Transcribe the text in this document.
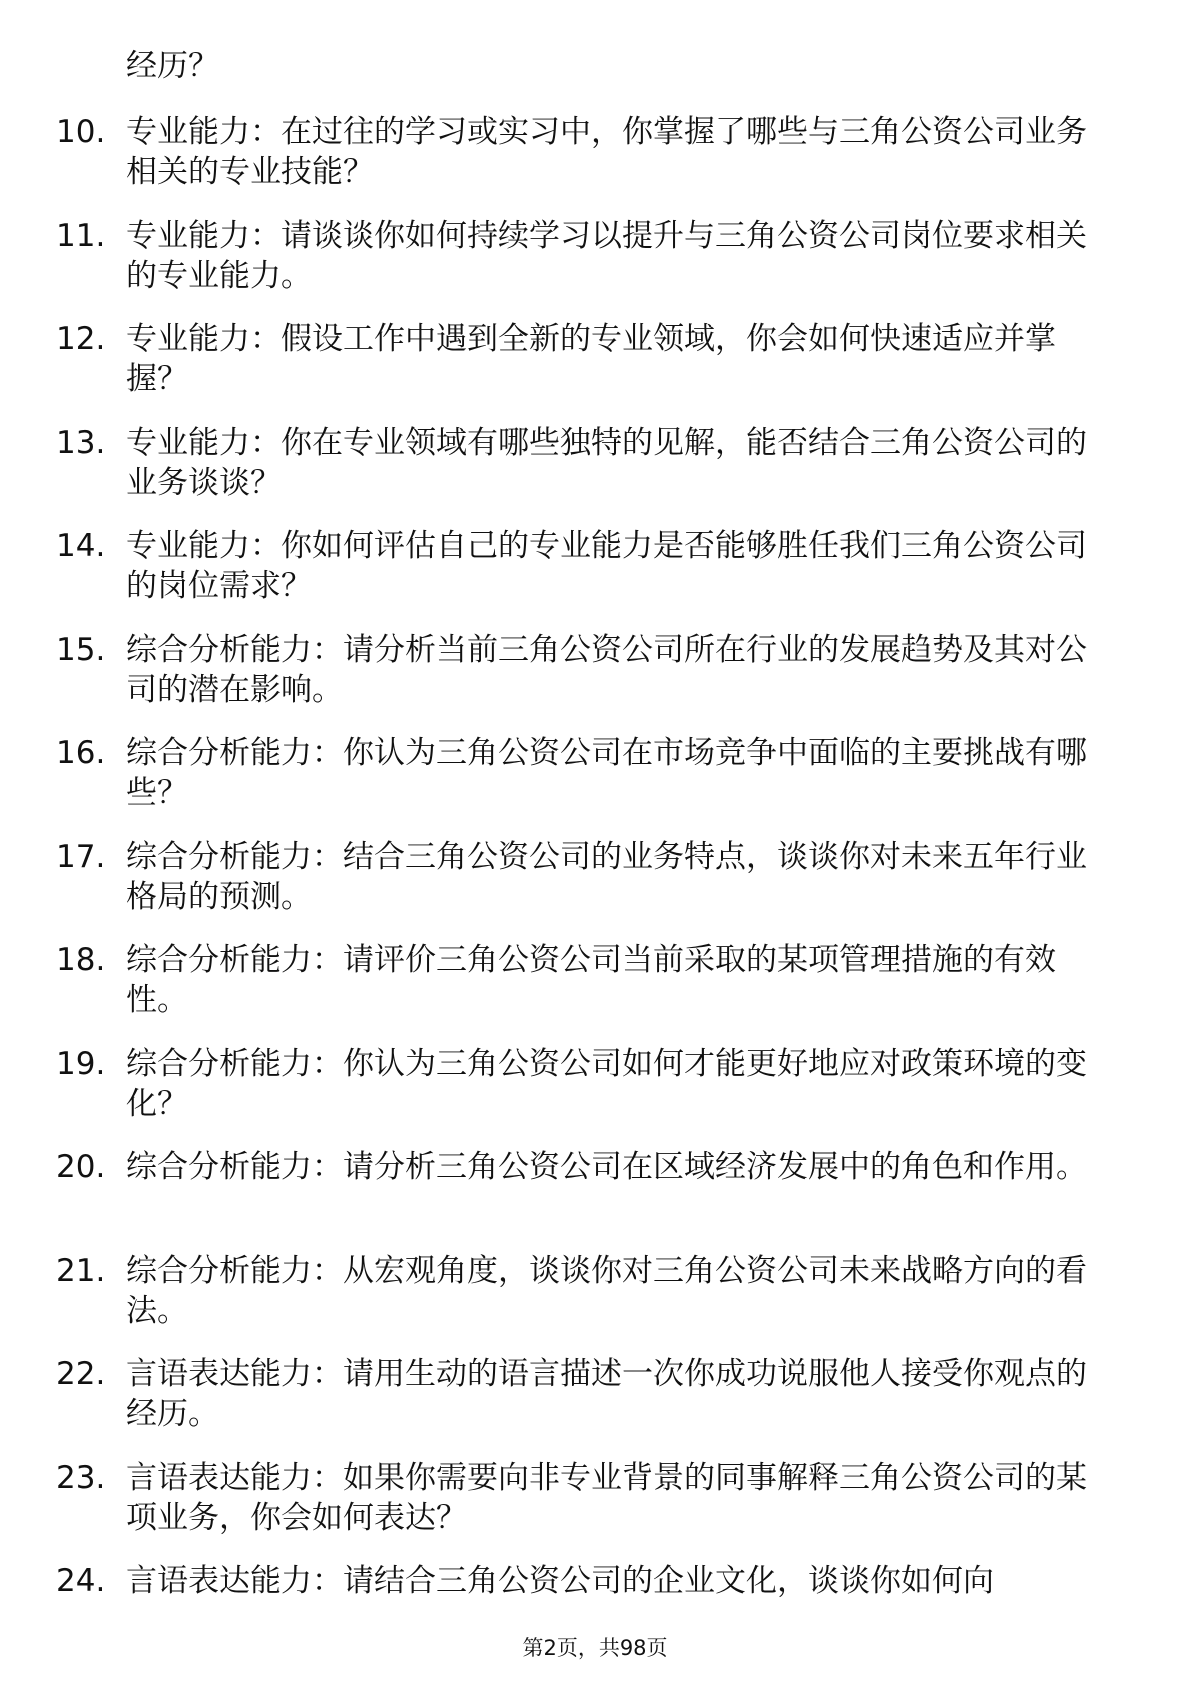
经历？
10. 专业能力：在过往的学习或实习中，你掌握了哪些与三角公资公司业务相关的专业技能？
11. 专业能力：请谈谈你如何持续学习以提升与三角公资公司岗位要求相关的专业能力。
12. 专业能力：假设工作中遇到全新的专业领域，你会如何快速适应并掌握？
13. 专业能力：你在专业领域有哪些独特的见解，能否结合三角公资公司的业务谈谈？
14. 专业能力：你如何评估自己的专业能力是否能够胜任我们三角公资公司的岗位需求？
15. 综合分析能力：请分析当前三角公资公司所在行业的发展趋势及其对公司的潜在影响。
16. 综合分析能力：你认为三角公资公司在市场竞争中面临的主要挑战有哪些？
17. 综合分析能力：结合三角公资公司的业务特点，谈谈你对未来五年行业格局的预测。
18. 综合分析能力：请评价三角公资公司当前采取的某项管理措施的有效性。
19. 综合分析能力：你认为三角公资公司如何才能更好地应对政策环境的变化？
20. 综合分析能力：请分析三角公资公司在区域经济发展中的角色和作用。
21. 综合分析能力：从宏观角度，谈谈你对三角公资公司未来战略方向的看法。
22. 言语表达能力：请用生动的语言描述一次你成功说服他人接受你观点的经历。
23. 言语表达能力：如果你需要向非专业背景的同事解释三角公资公司的某项业务，你会如何表达？
24. 言语表达能力：请结合三角公资公司的企业文化，谈谈你如何向
第2页，共98页
